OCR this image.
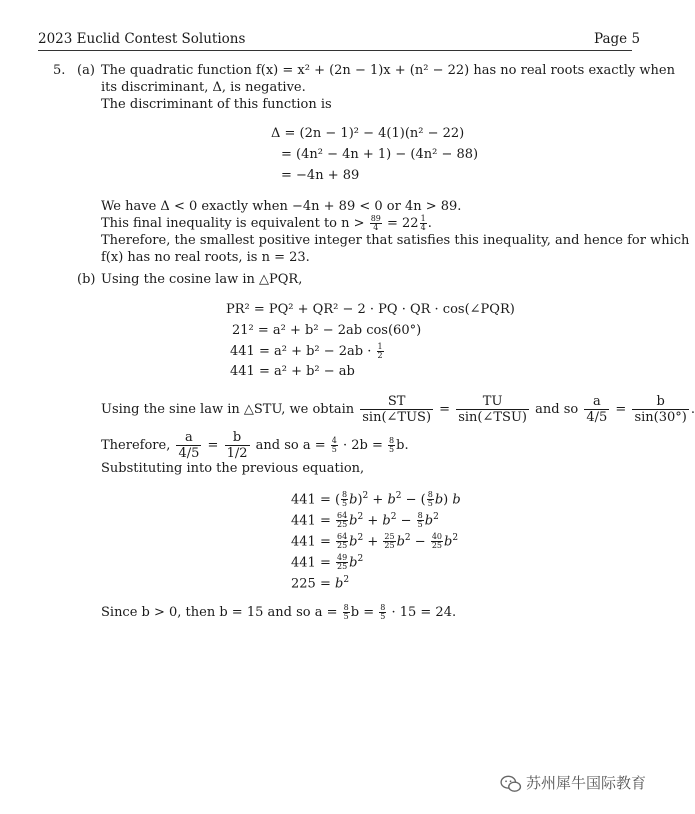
2023 Euclid Contest Solutions	Page 5
5. (a) The quadratic function f(x) = x² + (2n − 1)x + (n² − 22) has no real roots exactly when
its discriminant, Δ, is negative.
The discriminant of this function is
Δ = (2n − 1)² − 4(1)(n² − 22)
= (4n² − 4n + 1) − (4n² − 88)
= −4n + 89
We have Δ < 0 exactly when −4n + 89 < 0 or 4n > 89.
This final inequality is equivalent to $n > \frac{89}{4} = 22 \frac{1}{4}$ .
Therefore, the smallest positive integer that satisfies this inequality, and hence for which
f(x) has no real roots, is n = 23.
(b) Using the cosine law in △PQR,
PR² = PQ² + QR² − 2 · PQ · QR · cos(∠PQR)
21² = a² + b² − 2ab cos(60°)
$441 = a^2 + b^2 - 2ab \cdot \frac{1}{2}$
441 = a² + b² − ab
Using the sine law in △STU, we obtain $\frac{ST}{\text{sin(∠TUS)}} = \frac{TU}{\text{sin(∠TSU)}}$ and so $\frac{a}{4/5} = \frac{b}{\sin(30^\circ)}$ .
Therefore, $\frac{a}{4/5} = \frac{b}{1/2}$ and so $a = \frac{4}{5} \cdot 2b = \frac{8}{5} b$.
Substituting into the previous equation,
441 = ( $\frac{8}{5} b)^2 + b^2$ − ( $\frac{8}{5} b$) b
$441 = \frac{64}{25} b^2 + b^2 - \frac{8}{5} b^2$
$441 = \frac{64}{25} b^2 + \frac{25}{25} b^2 - \frac{40}{25} b^2$
$441 = \frac{49}{25} b^2$
$225 = b^2$
Since b > 0, then b = 15 and so $a = \frac{8}{5}$ $b = \frac{8}{5} \cdot 15 = 24$.
苏州犀牛国际教育
